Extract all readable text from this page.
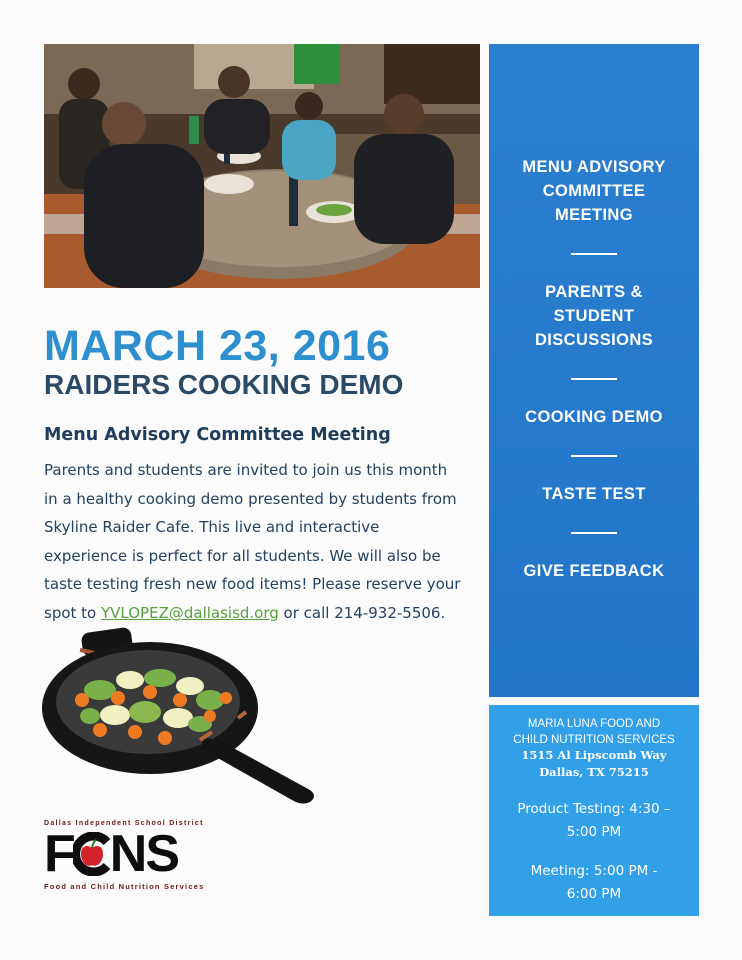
MARCH 23, 2016
RAIDERS COOKING DEMO
Menu Advisory Committee Meeting
Parents and students are invited to join us this month
in a healthy cooking demo presented by students from
Skyline Raider Cafe. This live and interactive
experience is perfect for all students. We will also be
taste testing fresh new food items! Please reserve your
spot to YVLOPEZ@dallasisd.org or call 214-932-5506.
Dallas Independent School District
F NS
Food and Child Nutrition Services
MENU ADVISORY
COMMITTEE
MEETING
PARENTS &
STUDENT
DISCUSSIONS
COOKING DEMO
TASTE TEST
GIVE FEEDBACK
MARIA LUNA FOOD AND
CHILD NUTRITION SERVICES
1515 Al Lipscomb Way
Dallas, TX 75215
Product Testing: 4:30 –
5:00 PM
Meeting: 5:00 PM -
6:00 PM
